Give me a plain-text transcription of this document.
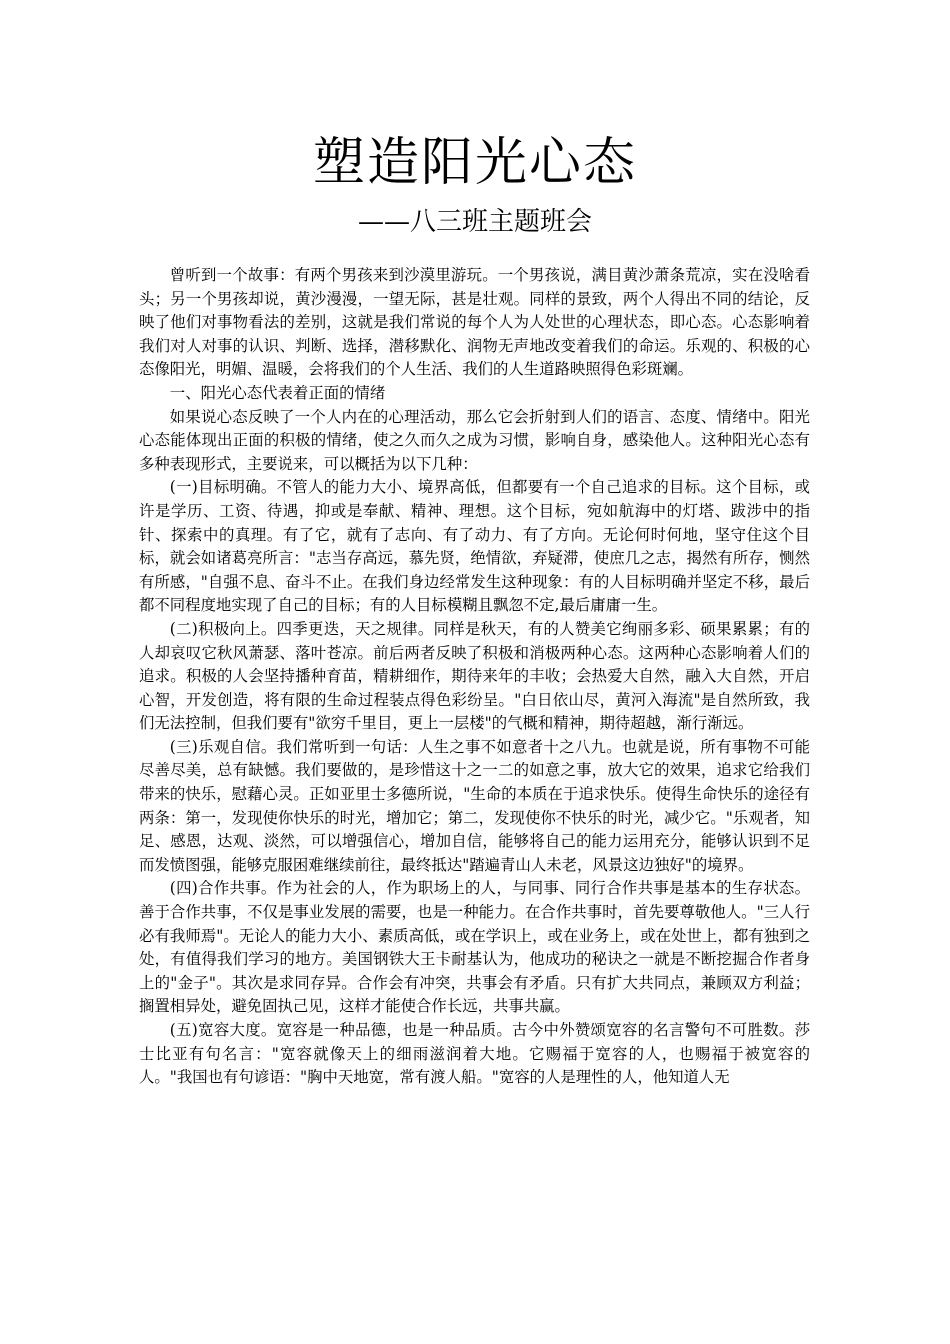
塑造阳光心态
——八三班主题班会

曾听到一个故事：有两个男孩来到沙漠里游玩。一个男孩说，满目黄沙萧条荒凉，实在没啥看头；另一个男孩却说，黄沙漫漫，一望无际，甚是壮观。同样的景致，两个人得出不同的结论，反映了他们对事物看法的差别，这就是我们常说的每个人为人处世的心理状态，即心态。心态影响着我们对人对事的认识、判断、选择，潜移默化、润物无声地改变着我们的命运。乐观的、积极的心态像阳光，明媚、温暖，会将我们的个人生活、我们的人生道路映照得色彩斑斓。

一、阳光心态代表着正面的情绪

如果说心态反映了一个人内在的心理活动，那么它会折射到人们的语言、态度、情绪中。阳光心态能体现出正面的积极的情绪，使之久而久之成为习惯，影响自身，感染他人。这种阳光心态有多种表现形式，主要说来，可以概括为以下几种：

(一)目标明确。不管人的能力大小、境界高低，但都要有一个自己追求的目标。这个目标，或许是学历、工资、待遇，抑或是奉献、精神、理想。这个目标，宛如航海中的灯塔、跋涉中的指针、探索中的真理。有了它，就有了志向、有了动力、有了方向。无论何时何地，坚守住这个目标，就会如诸葛亮所言："志当存高远，慕先贤，绝情欲，弃疑滞，使庶几之志，揭然有所存，恻然有所感，"自强不息、奋斗不止。在我们身边经常发生这种现象：有的人目标明确并坚定不移，最后都不同程度地实现了自己的目标；有的人目标模糊且飘忽不定,最后庸庸一生。

(二)积极向上。四季更迭，天之规律。同样是秋天，有的人赞美它绚丽多彩、硕果累累；有的人却哀叹它秋风萧瑟、落叶苍凉。前后两者反映了积极和消极两种心态。这两种心态影响着人们的追求。积极的人会坚持播种育苗，精耕细作，期待来年的丰收；会热爱大自然，融入大自然，开启心智，开发创造，将有限的生命过程装点得色彩纷呈。"白日依山尽，黄河入海流"是自然所致，我们无法控制，但我们要有"欲穷千里目，更上一层楼"的气概和精神，期待超越，渐行渐远。

(三)乐观自信。我们常听到一句话：人生之事不如意者十之八九。也就是说，所有事物不可能尽善尽美，总有缺憾。我们要做的，是珍惜这十之一二的如意之事，放大它的效果，追求它给我们带来的快乐，慰藉心灵。正如亚里士多德所说，"生命的本质在于追求快乐。使得生命快乐的途径有两条：第一，发现使你快乐的时光，增加它；第二，发现使你不快乐的时光，减少它。"乐观者，知足、感恩，达观、淡然，可以增强信心，增加自信，能够将自己的能力运用充分，能够认识到不足而发愤图强，能够克服困难继续前往，最终抵达"踏遍青山人未老，风景这边独好"的境界。

(四)合作共事。作为社会的人，作为职场上的人，与同事、同行合作共事是基本的生存状态。善于合作共事，不仅是事业发展的需要，也是一种能力。在合作共事时，首先要尊敬他人。"三人行必有我师焉"。无论人的能力大小、素质高低，或在学识上，或在业务上，或在处世上，都有独到之处，有值得我们学习的地方。美国钢铁大王卡耐基认为，他成功的秘诀之一就是不断挖掘合作者身上的"金子"。其次是求同存异。合作会有冲突，共事会有矛盾。只有扩大共同点，兼顾双方利益；搁置相异处，避免固执己见，这样才能使合作长远，共事共赢。

(五)宽容大度。宽容是一种品德，也是一种品质。古今中外赞颂宽容的名言警句不可胜数。莎士比亚有句名言："宽容就像天上的细雨滋润着大地。它赐福于宽容的人，也赐福于被宽容的人。"我国也有句谚语："胸中天地宽，常有渡人船。"宽容的人是理性的人，他知道人无
